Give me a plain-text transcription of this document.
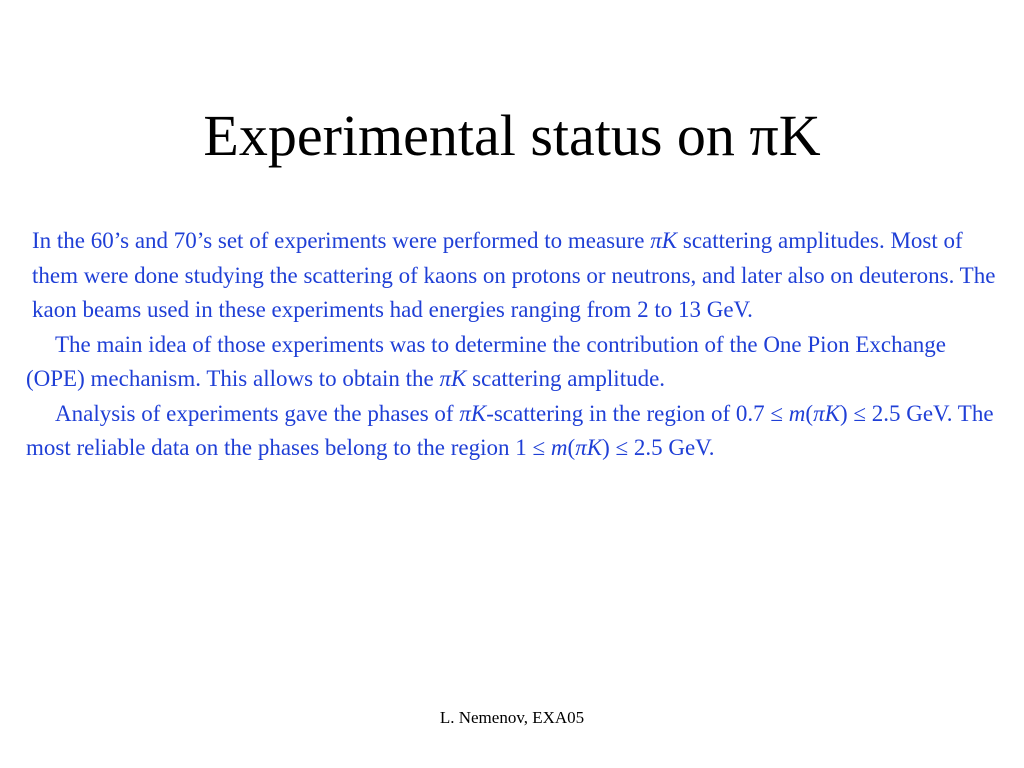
Experimental status on πK

In the 60’s and 70’s set of experiments were performed to measure πK scattering amplitudes. Most of them were done studying the scattering of kaons on protons or neutrons, and later also on deuterons. The kaon beams used in these experiments had energies ranging from 2 to 13 GeV.

The main idea of those experiments was to determine the contribution of the One Pion Exchange (OPE) mechanism. This allows to obtain the πK scattering amplitude.

Analysis of experiments gave the phases of πK-scattering in the region of 0.7 ≤ m(πK) ≤ 2.5 GeV. The most reliable data on the phases belong to the region 1 ≤ m(πK) ≤ 2.5 GeV.

L. Nemenov, EXA05
